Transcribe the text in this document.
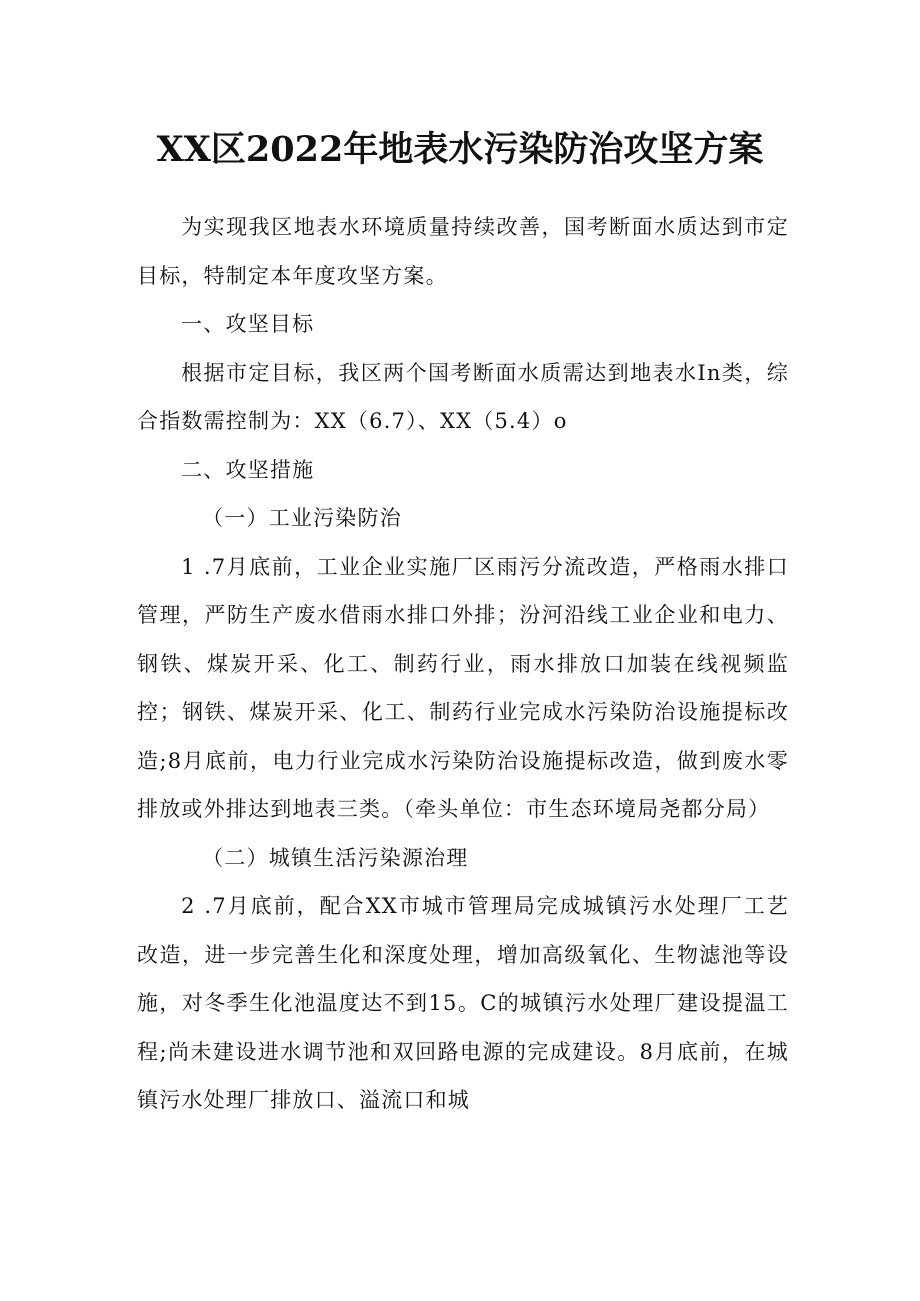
XX区2022年地表水污染防治攻坚方案

为实现我区地表水环境质量持续改善，国考断面水质达到市定目标，特制定本年度攻坚方案。

一、攻坚目标

根据市定目标，我区两个国考断面水质需达到地表水In类，综合指数需控制为：XX（6.7）、XX（5.4）o

二、攻坚措施

（一）工业污染防治

1 .7月底前，工业企业实施厂区雨污分流改造，严格雨水排口管理，严防生产废水借雨水排口外排；汾河沿线工业企业和电力、钢铁、煤炭开采、化工、制药行业，雨水排放口加装在线视频监控；钢铁、煤炭开采、化工、制药行业完成水污染防治设施提标改造;8月底前，电力行业完成水污染防治设施提标改造，做到废水零排放或外排达到地表三类。（牵头单位：市生态环境局尧都分局）

（二）城镇生活污染源治理

2 .7月底前，配合XX市城市管理局完成城镇污水处理厂工艺改造，进一步完善生化和深度处理，增加高级氧化、生物滤池等设施，对冬季生化池温度达不到15。C的城镇污水处理厂建设提温工程;尚未建设进水调节池和双回路电源的完成建设。8月底前，在城镇污水处理厂排放口、溢流口和城
